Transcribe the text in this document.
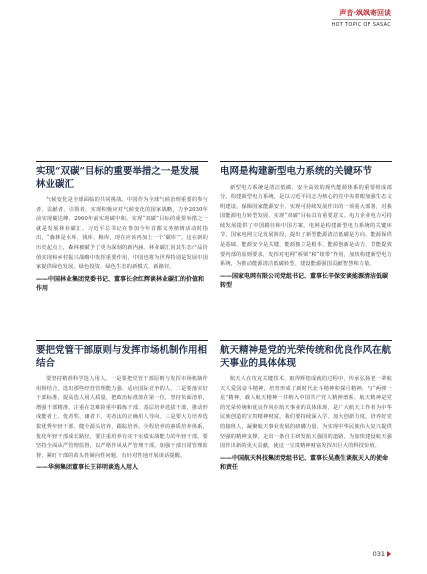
声音·飒飒寄回谈
HOT TOPIC OF SASAC
实现“双碳”目标的重要举措之一是发展林业碳汇

气候变化是全球面临的共同挑战。中国作为全球气候治理重要的参与者、贡献者、引领者，实现积极应对气候变化的国家战略，力争2030年前实现碳达峰、2060年前实现碳中和。实现“双碳”目标的重要举措之一就是发展林业碳汇。习近平总书记在参加今年首都义务植树活动时指出，“森林是水库、钱库、粮库，现在应该再加上一个‘碳库’”。这在新的历史起点上，森林被赋予了更为深刻的新内涵。林业碳汇因其生态产品价值实现和乡村振兴战略中发挥重要作用，中国也将为世界特别是发展中国家提供绿色发展、绿色投资、绿色生态的新模式、新路径。

——中国林业集团党委书记、董事长余红辉谈林业碳汇的价值和作用

电网是构建新型电力系统的关键环节

新型电力系统是清洁低碳、安全高效的现代能源体系的重要组成部分，构建新型电力系统，是以习近平同志为核心的党中央着眼加强生态文明建设、保障国家能源安全、实现可持续发展作出的一项重大部署，对我国能源电力转型发展、实现“双碳”目标具有重要意义。电力企业电力可持续发展提供了中国路径和中国方案。电网是构建新型电力系统的关键环节，国家电网立足发展阶段，提出了新型能源清洁低碳是方向、能源保供是基础、能源安全是关键、能源独立是根本、能源创新是动力、节能提效要内部的原则要求，发挥对电网“桥梁”和“纽带”作用，加快构建新型电力系统，为推动能源清洁低碳转型、建设能源强国贡献智慧和力量。

——国家电网有限公司党组书记、董事长辛保安谈能源清洁低碳转型

要把党管干部原则与发挥市场机制作用相结合

要坚持精准科学选人用人。一是要把党管干部原则与发挥市场机制作用相结合，选出那些经营管理能力强、适应国际竞争的人，二是要落实好干部标准，提高选人用人质量，把政治标准放在第一位，坚持负面清单，增强干部精准，注重在急难险重中锻炼干部，基层培养选拔干部，推动形成能者上、优者奖、庸者下、劣者汰的正确用人导向。三是要大力培养选拔优秀年轻干部，健全源头培养、跟踪培养、全程培养的素质培养体系，优化年轻干部成长路径，要注重培养有实干实绩实战能力的年轻干部。要坚持全面从严管理监督，以严格作风从严管理干部，加强干部日常管理监督，紧盯干部的苗头性倾向性问题，有针对性地开展谈话提醒。

——华润集团董事长王祥明谈选人用人

航天精神是党的光荣传统和优良作风在航天事业的具体体现

航天人在攻克关键技术、取得辉煌成就的过程中，传承弘扬老一辈航天人爱国奋斗精神，培育形成了新时代北斗精神和探月精神，与“两弹一星”精神，载人航天精神一并纳入中国共产党人精神谱系。航天精神是党的光荣传统和优良作风在航天事业的具体体现，是广大航天工作者为中华民族创造的宝贵精神财富。我们要持续深入学、加大创新力度，培养好党的接班人，凝聚航天事业发展的磅礴力量，为实现中华民族伟大复兴提供坚强的精神支撑，走出一条自主研发航天强国的道路，为加快建设航天强国作出新的更大贡献，使这一宝贵精神财富发挥出巨大的科技价值。

——中国航天科技集团党组书记、董事长吴燕生谈航天人的使命和责任

031
